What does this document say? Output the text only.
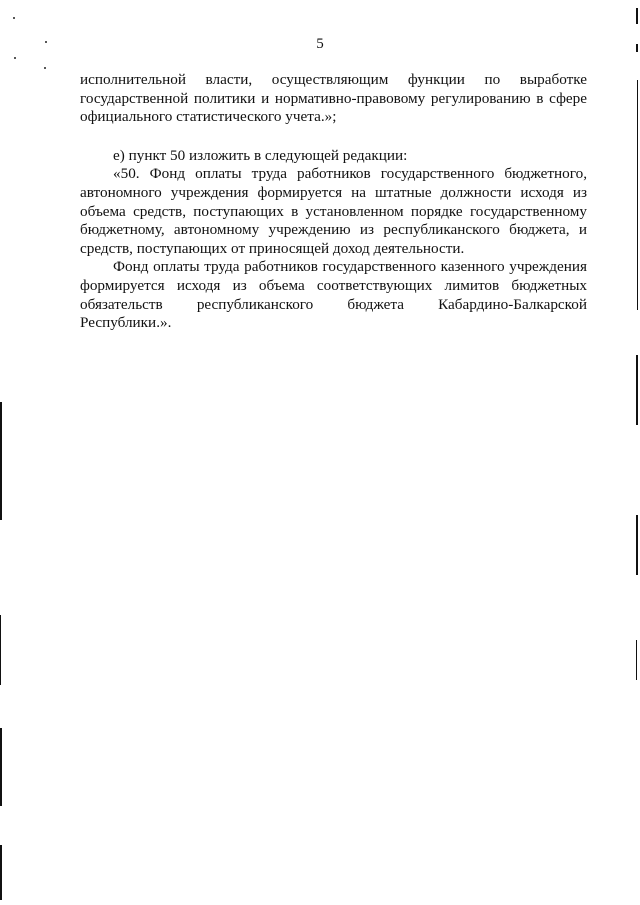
5

исполнительной власти, осуществляющим функции по выработке государственной политики и нормативно-правовому регулированию в сфере официального статистического учета.»;

е) пункт 50 изложить в следующей редакции:

«50. Фонд оплаты труда работников государственного бюджетного, автономного учреждения формируется на штатные должности исходя из объема средств, поступающих в установленном порядке государственному бюджетному, автономному учреждению из республиканского бюджета, и средств, поступающих от приносящей доход деятельности.

Фонд оплаты труда работников государственного казенного учреждения формируется исходя из объема соответствующих лимитов бюджетных обязательств республиканского бюджета Кабардино-Балкарской Республики.».
